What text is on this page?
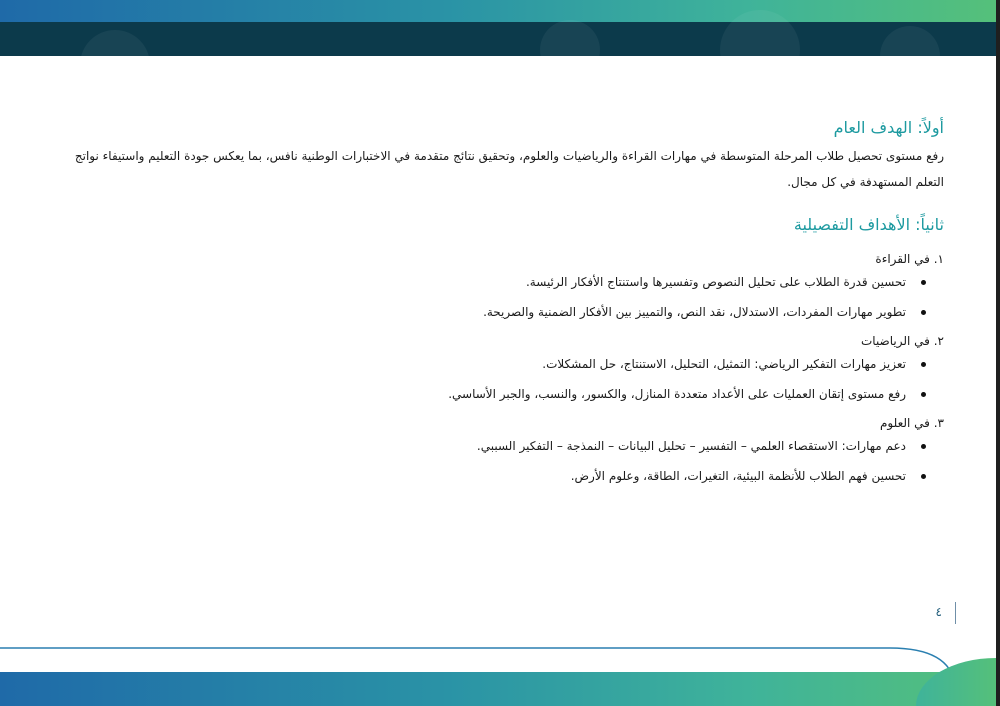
أولاً: الهدف العام

رفع مستوى تحصيل طلاب المرحلة المتوسطة في مهارات القراءة والرياضيات والعلوم، وتحقيق نتائج متقدمة في الاختبارات الوطنية نافس، بما يعكس جودة التعليم واستيفاء نواتج التعلم المستهدفة في كل مجال.

ثانياً: الأهداف التفصيلية

١. في القراءة

تحسين قدرة الطلاب على تحليل النصوص وتفسيرها واستنتاج الأفكار الرئيسة.
تطوير مهارات المفردات، الاستدلال، نقد النص، والتمييز بين الأفكار الضمنية والصريحة.

٢. في الرياضيات

تعزيز مهارات التفكير الرياضي: التمثيل، التحليل، الاستنتاج، حل المشكلات.
رفع مستوى إتقان العمليات على الأعداد متعددة المنازل، والكسور، والنسب، والجبر الأساسي.

٣. في العلوم

دعم مهارات: الاستقصاء العلمي – التفسير – تحليل البيانات – النمذجة – التفكير السببي.
تحسين فهم الطلاب للأنظمة البيئية، التغيرات، الطاقة، وعلوم الأرض.
٤
